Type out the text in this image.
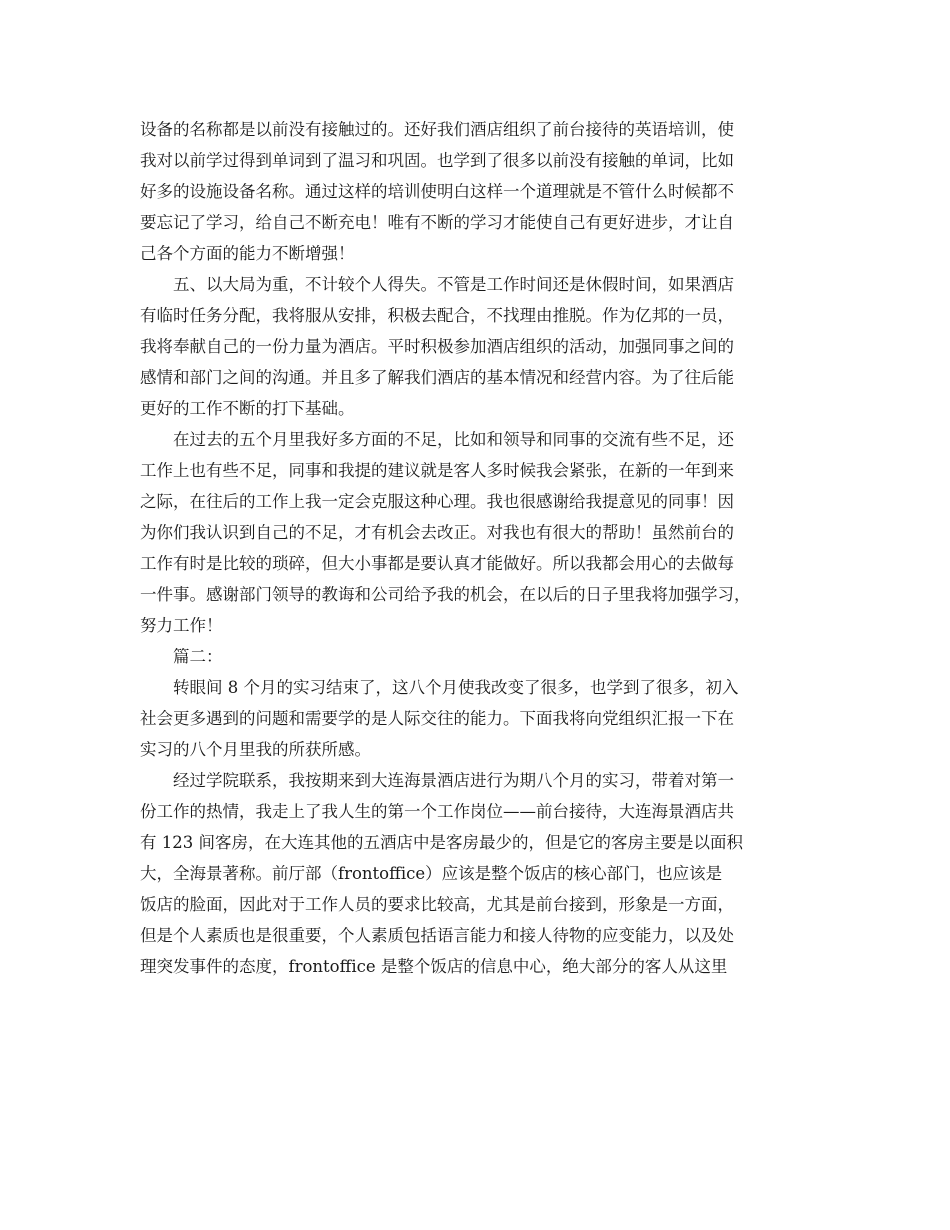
设备的名称都是以前没有接触过的。还好我们酒店组织了前台接待的英语培训，使
我对以前学过得到单词到了温习和巩固。也学到了很多以前没有接触的单词，比如
好多的设施设备名称。通过这样的培训使明白这样一个道理就是不管什么时候都不
要忘记了学习，给自己不断充电！唯有不断的学习才能使自己有更好进步，才让自
己各个方面的能力不断增强！
五、以大局为重，不计较个人得失。不管是工作时间还是休假时间，如果酒店
有临时任务分配，我将服从安排，积极去配合，不找理由推脱。作为亿邦的一员，
我将奉献自己的一份力量为酒店。平时积极参加酒店组织的活动，加强同事之间的
感情和部门之间的沟通。并且多了解我们酒店的基本情况和经营内容。为了往后能
更好的工作不断的打下基础。
在过去的五个月里我好多方面的不足，比如和领导和同事的交流有些不足，还
工作上也有些不足，同事和我提的建议就是客人多时候我会紧张，在新的一年到来
之际，在往后的工作上我一定会克服这种心理。我也很感谢给我提意见的同事！因
为你们我认识到自己的不足，才有机会去改正。对我也有很大的帮助！虽然前台的
工作有时是比较的琐碎，但大小事都是要认真才能做好。所以我都会用心的去做每
一件事。感谢部门领导的教诲和公司给予我的机会，在以后的日子里我将加强学习，
努力工作！
篇二：
转眼间 8 个月的实习结束了，这八个月使我改变了很多，也学到了很多，初入
社会更多遇到的问题和需要学的是人际交往的能力。下面我将向党组织汇报一下在
实习的八个月里我的所获所感。
经过学院联系，我按期来到大连海景酒店进行为期八个月的实习，带着对第一
份工作的热情，我走上了我人生的第一个工作岗位——前台接待，大连海景酒店共
有 123 间客房，在大连其他的五酒店中是客房最少的，但是它的客房主要是以面积
大，全海景著称。前厅部（frontoffice）应该是整个饭店的核心部门，也应该是
饭店的脸面，因此对于工作人员的要求比较高，尤其是前台接到，形象是一方面，
但是个人素质也是很重要，个人素质包括语言能力和接人待物的应变能力，以及处
理突发事件的态度，frontoffice 是整个饭店的信息中心，绝大部分的客人从这里
